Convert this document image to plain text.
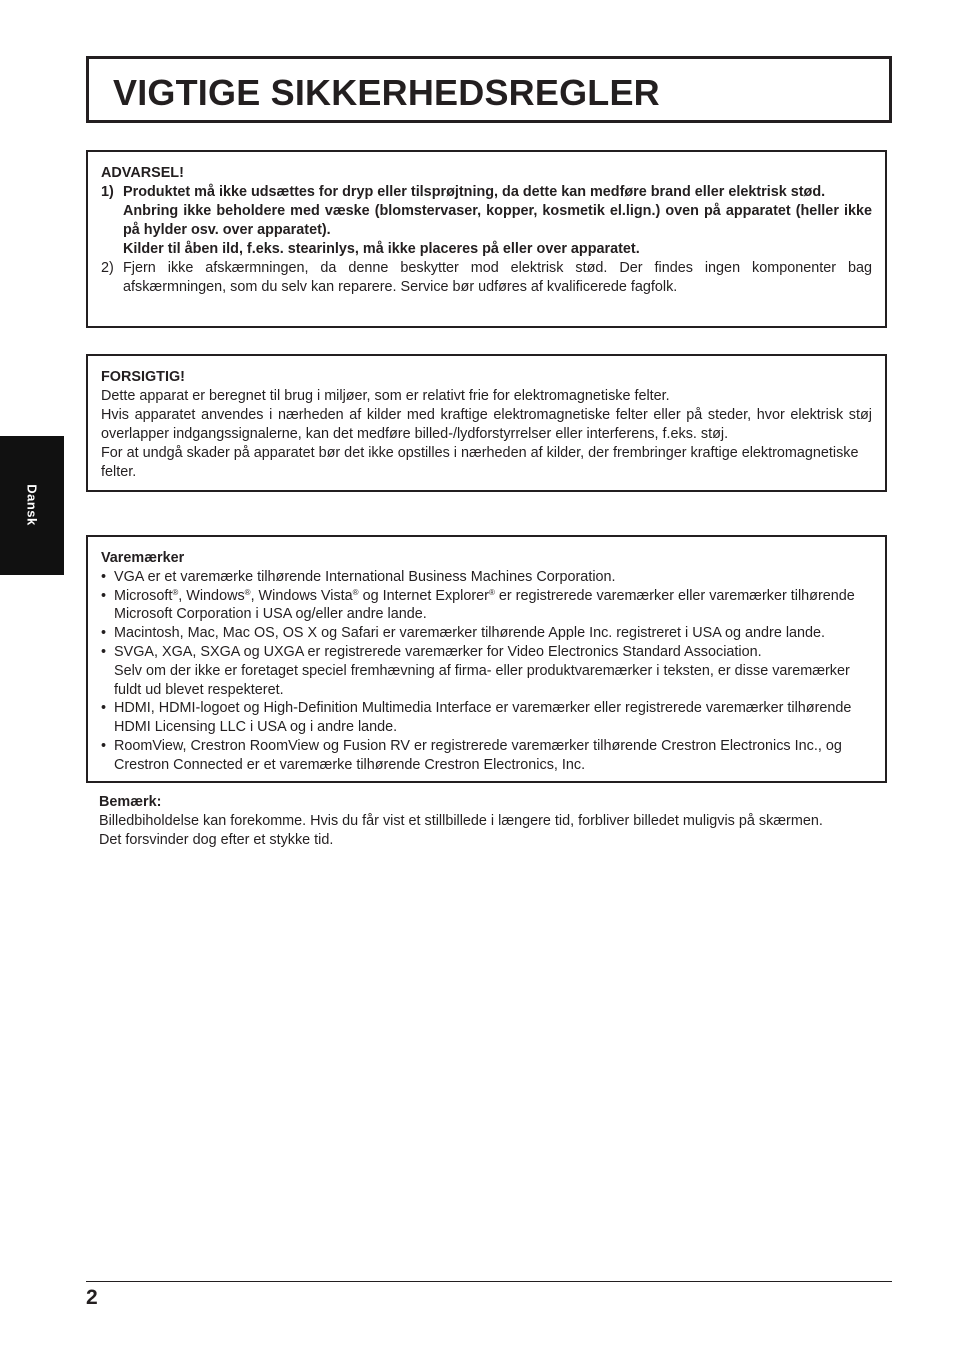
VIGTIGE SIKKERHEDSREGLER
Dansk
ADVARSEL!
1) Produktet må ikke udsættes for dryp eller tilsprøjtning, da dette kan medføre brand eller elektrisk stød.
Anbring ikke beholdere med væske (blomstervaser, kopper, kosmetik el.lign.) oven på apparatet (heller ikke på hylder osv. over apparatet).
Kilder til åben ild, f.eks. stearinlys, må ikke placeres på eller over apparatet.
2) Fjern ikke afskærmningen, da denne beskytter mod elektrisk stød. Der findes ingen komponenter bag afskærmningen, som du selv kan reparere. Service bør udføres af kvalificerede fagfolk.
FORSIGTIG!
Dette apparat er beregnet til brug i miljøer, som er relativt frie for elektromagnetiske felter.
Hvis apparatet anvendes i nærheden af kilder med kraftige elektromagnetiske felter eller på steder, hvor elektrisk støj overlapper indgangssignalerne, kan det medføre billed-/lydforstyrrelser eller interferens, f.eks. støj.
For at undgå skader på apparatet bør det ikke opstilles i nærheden af kilder, der frembringer kraftige elektromagnetiske felter.
Varemærker
• VGA er et varemærke tilhørende International Business Machines Corporation.
• Microsoft®, Windows®, Windows Vista® og Internet Explorer® er registrerede varemærker eller varemærker tilhørende Microsoft Corporation i USA og/eller andre lande.
• Macintosh, Mac, Mac OS, OS X og Safari er varemærker tilhørende Apple Inc. registreret i USA og andre lande.
• SVGA, XGA, SXGA og UXGA er registrerede varemærker for Video Electronics Standard Association.
Selv om der ikke er foretaget speciel fremhævning af firma- eller produktvaremærker i teksten, er disse varemærker fuldt ud blevet respekteret.
• HDMI, HDMI-logoet og High-Definition Multimedia Interface er varemærker eller registrerede varemærker tilhørende HDMI Licensing LLC i USA og i andre lande.
• RoomView, Crestron RoomView og Fusion RV er registrerede varemærker tilhørende Crestron Electronics Inc., og Crestron Connected er et varemærke tilhørende Crestron Electronics, Inc.
Bemærk:
Billedbiholdelse kan forekomme. Hvis du får vist et stillbillede i længere tid, forbliver billedet muligvis på skærmen.
Det forsvinder dog efter et stykke tid.
2
